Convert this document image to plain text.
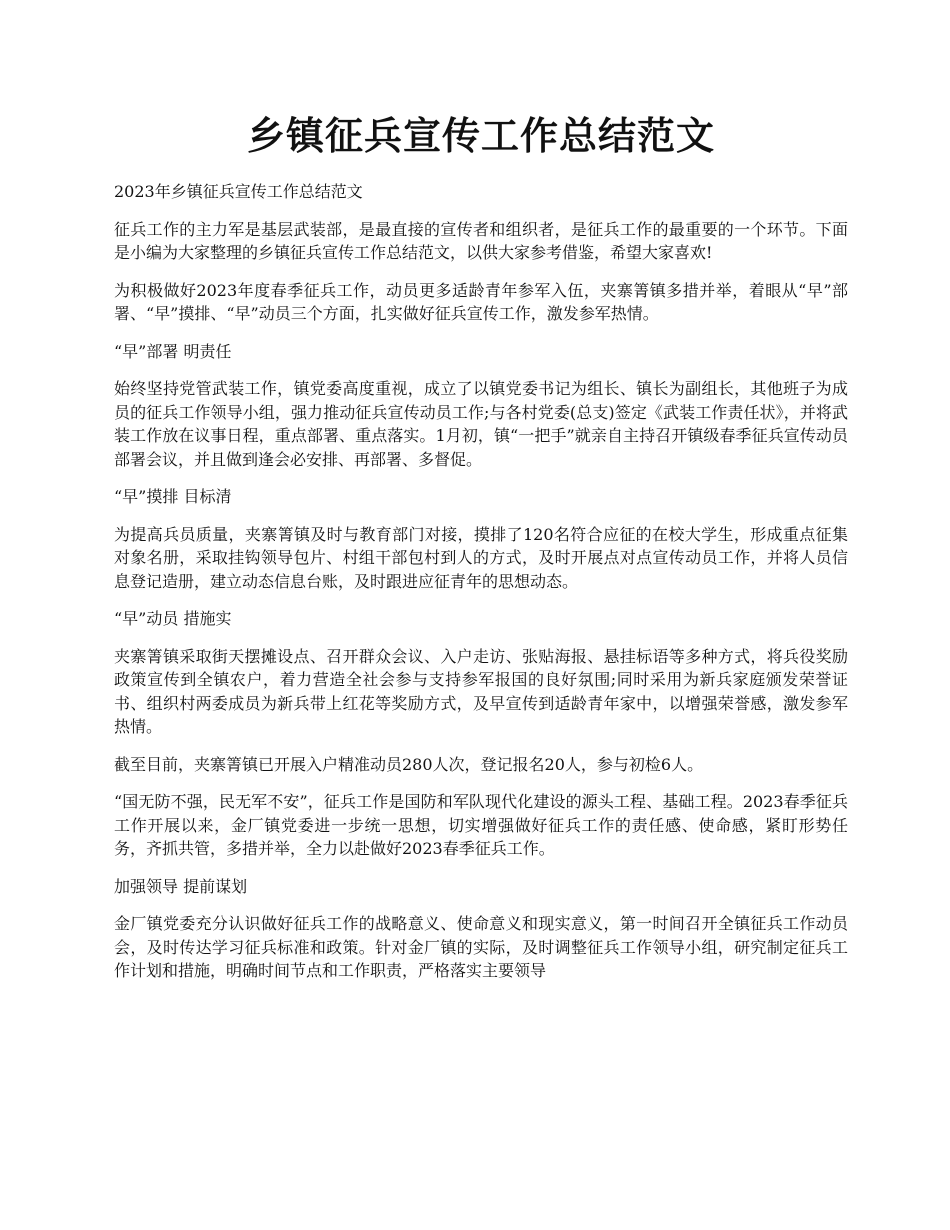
乡镇征兵宣传工作总结范文

2023年乡镇征兵宣传工作总结范文

征兵工作的主力军是基层武装部，是最直接的宣传者和组织者，是征兵工作的最重要的一个环节。下面是小编为大家整理的乡镇征兵宣传工作总结范文，以供大家参考借鉴，希望大家喜欢!

为积极做好2023年度春季征兵工作，动员更多适龄青年参军入伍，夹寨箐镇多措并举，着眼从“早”部署、“早”摸排、“早”动员三个方面，扎实做好征兵宣传工作，激发参军热情。

“早”部署 明责任

始终坚持党管武装工作，镇党委高度重视，成立了以镇党委书记为组长、镇长为副组长，其他班子为成员的征兵工作领导小组，强力推动征兵宣传动员工作;与各村党委(总支)签定《武装工作责任状》，并将武装工作放在议事日程，重点部署、重点落实。1月初，镇“一把手”就亲自主持召开镇级春季征兵宣传动员部署会议，并且做到逢会必安排、再部署、多督促。

“早”摸排 目标清

为提高兵员质量，夹寨箐镇及时与教育部门对接，摸排了120名符合应征的在校大学生，形成重点征集对象名册，采取挂钩领导包片、村组干部包村到人的方式，及时开展点对点宣传动员工作，并将人员信息登记造册，建立动态信息台账，及时跟进应征青年的思想动态。

“早”动员 措施实

夹寨箐镇采取街天摆摊设点、召开群众会议、入户走访、张贴海报、悬挂标语等多种方式，将兵役奖励政策宣传到全镇农户，着力营造全社会参与支持参军报国的良好氛围;同时采用为新兵家庭颁发荣誉证书、组织村两委成员为新兵带上红花等奖励方式，及早宣传到适龄青年家中，以增强荣誉感，激发参军热情。

截至目前，夹寨箐镇已开展入户精准动员280人次，登记报名20人，参与初检6人。

“国无防不强，民无军不安”，征兵工作是国防和军队现代化建设的源头工程、基础工程。2023春季征兵工作开展以来，金厂镇党委进一步统一思想，切实增强做好征兵工作的责任感、使命感，紧盯形势任务，齐抓共管，多措并举，全力以赴做好2023春季征兵工作。

加强领导 提前谋划

金厂镇党委充分认识做好征兵工作的战略意义、使命意义和现实意义，第一时间召开全镇征兵工作动员会，及时传达学习征兵标准和政策。针对金厂镇的实际，及时调整征兵工作领导小组，研究制定征兵工作计划和措施，明确时间节点和工作职责，严格落实主要领导
